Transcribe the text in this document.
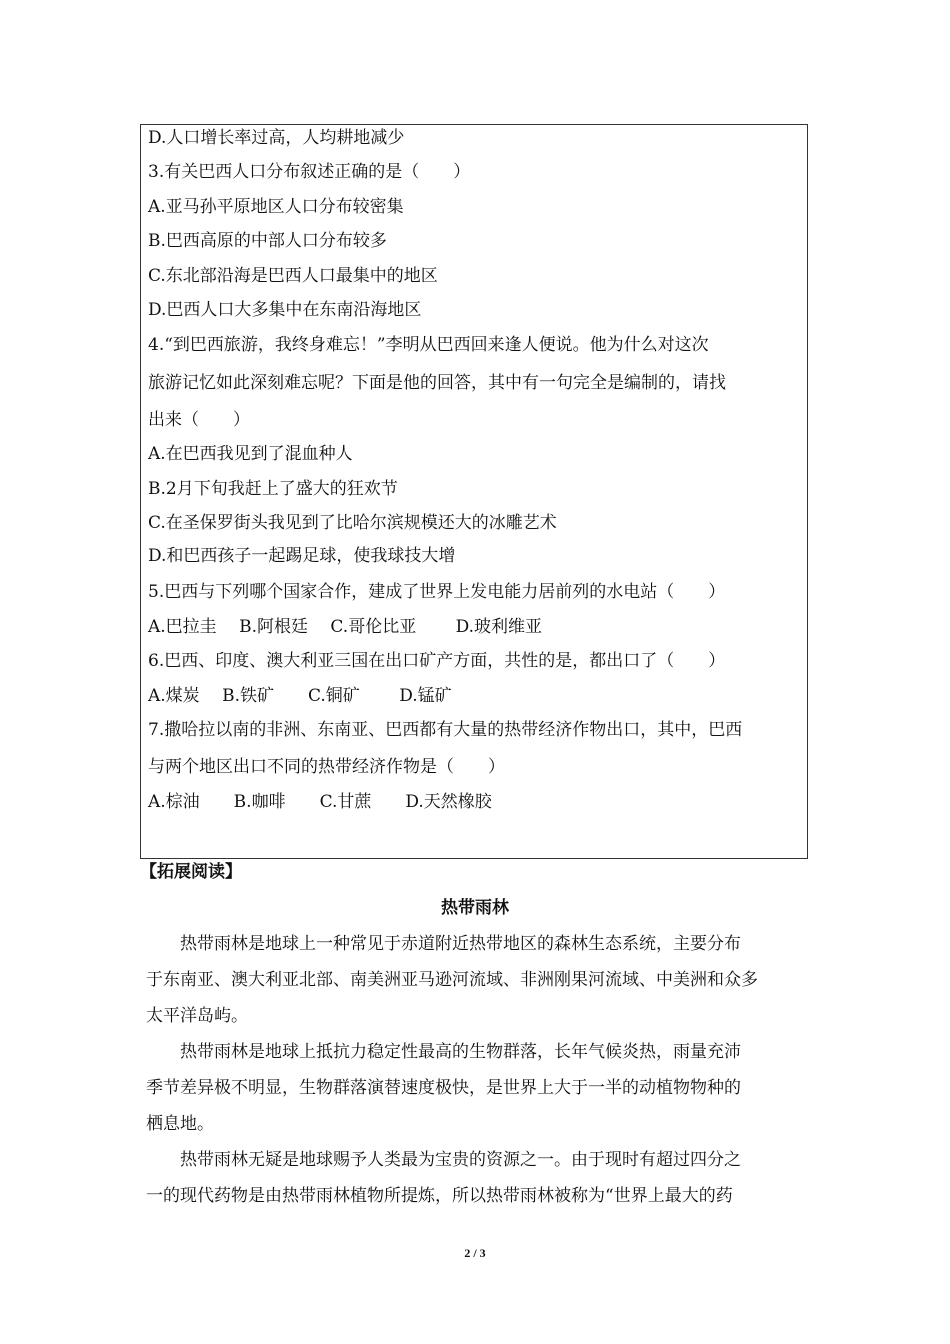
D.人口增长率过高，人均耕地减少
3.有关巴西人口分布叙述正确的是（　　）
A.亚马孙平原地区人口分布较密集
B.巴西高原的中部人口分布较多
C.东北部沿海是巴西人口最集中的地区
D.巴西人口大多集中在东南沿海地区
4.“到巴西旅游，我终身难忘！”李明从巴西回来逢人便说。他为什么对这次
旅游记忆如此深刻难忘呢？下面是他的回答，其中有一句完全是编制的，请找
出来（　　）
A.在巴西我见到了混血种人
B.2月下旬我赶上了盛大的狂欢节
C.在圣保罗街头我见到了比哈尔滨规模还大的冰雕艺术
D.和巴西孩子一起踢足球，使我球技大增
5.巴西与下列哪个国家合作，建成了世界上发电能力居前列的水电站（　　）
A.巴拉圭　 B.阿根廷　 C.哥伦比亚　　 D.玻利维亚
6.巴西、印度、澳大利亚三国在出口矿产方面，共性的是，都出口了（　　）
A.煤炭　 B.铁矿　　C.铜矿　　 D.锰矿
7.撒哈拉以南的非洲、东南亚、巴西都有大量的热带经济作物出口，其中，巴西
与两个地区出口不同的热带经济作物是（　　）
A.棕油　　B.咖啡　　C.甘蔗　　D.天然橡胶
【拓展阅读】
热带雨林
　　热带雨林是地球上一种常见于赤道附近热带地区的森林生态系统，主要分布
于东南亚、澳大利亚北部、南美洲亚马逊河流域、非洲刚果河流域、中美洲和众多
太平洋岛屿。
　　热带雨林是地球上抵抗力稳定性最高的生物群落，长年气候炎热，雨量充沛
季节差异极不明显，生物群落演替速度极快，是世界上大于一半的动植物物种的
栖息地。
　　热带雨林无疑是地球赐予人类最为宝贵的资源之一。由于现时有超过四分之
一的现代药物是由热带雨林植物所提炼，所以热带雨林被称为“世界上最大的药
2 / 3
